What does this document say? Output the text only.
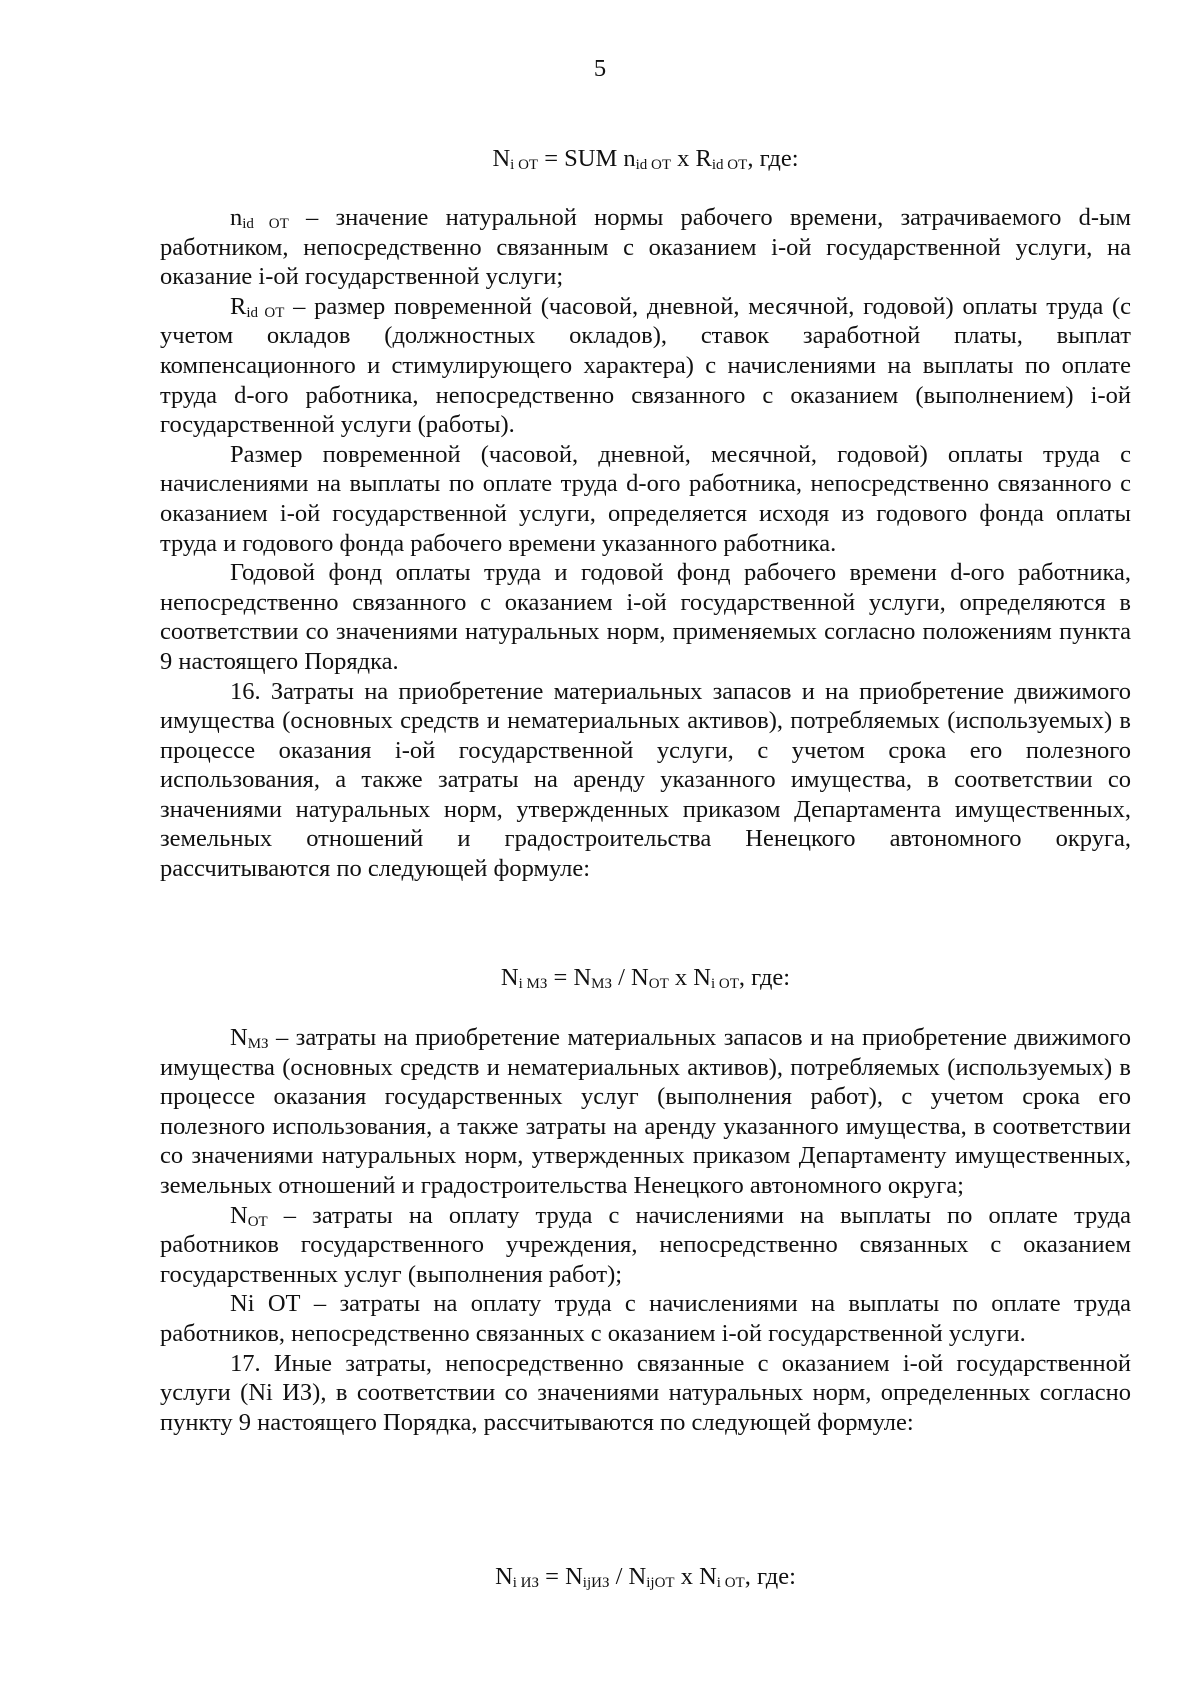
5
$N_{i ОТ}$ = SUM $n_{id ОТ}$ x $R_{id ОТ}$, где:

$n_{id ОТ}$ – значение натуральной нормы рабочего времени, затрачиваемого d-ым работником, непосредственно связанным с оказанием i-ой государственной услуги, на оказание i-ой государственной услуги;

$R_{id ОТ}$ – размер повременной (часовой, дневной, месячной, годовой) оплаты труда (с учетом окладов (должностных окладов), ставок заработной платы, выплат компенсационного и стимулирующего характера) с начислениями на выплаты по оплате труда d-ого работника, непосредственно связанного с оказанием (выполнением) i-ой государственной услуги (работы).

Размер повременной (часовой, дневной, месячной, годовой) оплаты труда с начислениями на выплаты по оплате труда d-ого работника, непосредственно связанного с оказанием i-ой государственной услуги, определяется исходя из годового фонда оплаты труда и годового фонда рабочего времени указанного работника.

Годовой фонд оплаты труда и годовой фонд рабочего времени d-ого работника, непосредственно связанного с оказанием i-ой государственной услуги, определяются в соответствии со значениями натуральных норм, применяемых согласно положениям пункта 9 настоящего Порядка.

16. Затраты на приобретение материальных запасов и на приобретение движимого имущества (основных средств и нематериальных активов), потребляемых (используемых) в процессе оказания i-ой государственной услуги, с учетом срока его полезного использования, а также затраты на аренду указанного имущества, в соответствии со значениями натуральных норм, утвержденных приказом Департамента имущественных, земельных отношений и градостроительства Ненецкого автономного округа, рассчитываются по следующей формуле:

$N_{i МЗ} = N_{МЗ} / N_{ОТ}$ x $N_{i ОТ}$, где:

$N_{МЗ}$ – затраты на приобретение материальных запасов и на приобретение движимого имущества (основных средств и нематериальных активов), потребляемых (используемых) в процессе оказания государственных услуг (выполнения работ), с учетом срока его полезного использования, а также затраты на аренду указанного имущества, в соответствии со значениями натуральных норм, утвержденных приказом Департаменту имущественных, земельных отношений и градостроительства Ненецкого автономного округа;

$N_{ОТ}$ – затраты на оплату труда с начислениями на выплаты по оплате труда работников государственного учреждения, непосредственно связанных с оказанием государственных услуг (выполнения работ);

Ni ОТ – затраты на оплату труда с начислениями на выплаты по оплате труда работников, непосредственно связанных с оказанием i-ой государственной услуги.

17. Иные затраты, непосредственно связанные с оказанием i-ой государственной услуги (Ni ИЗ), в соответствии со значениями натуральных норм, определенных согласно пункту 9 настоящего Порядка, рассчитываются по следующей формуле:

$N_{i ИЗ} = N_{ijИЗ} / N_{ijОТ}$ x $N_{i ОТ}$, где:
